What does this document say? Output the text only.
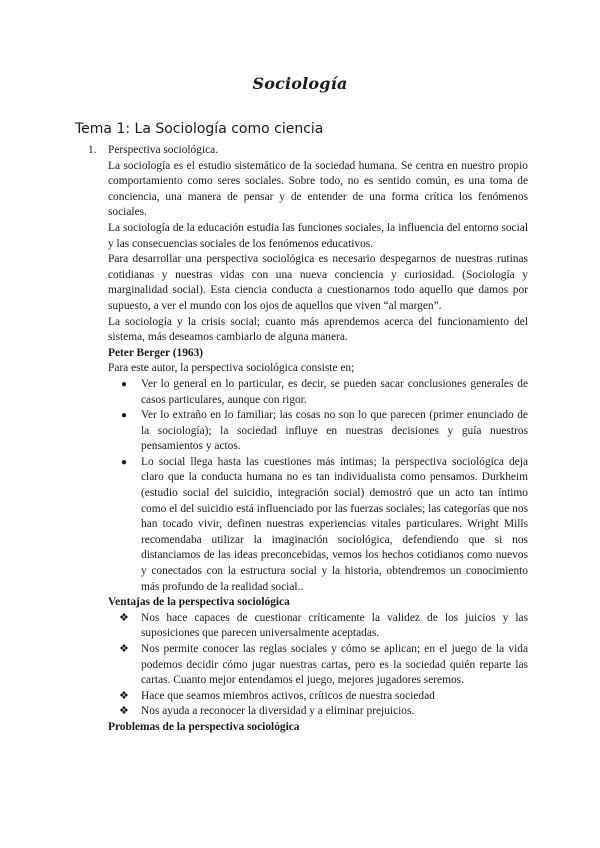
Sociología
Tema 1: La Sociología como ciencia
1. Perspectiva sociológica.
La sociología es el estudio sistemático de la sociedad humana. Se centra en nuestro propio comportamiento como seres sociales. Sobre todo, no es sentido común, es una toma de conciencia, una manera de pensar y de entender de una forma crítica los fenómenos sociales.
La sociología de la educación estudia las funciones sociales, la influencia del entorno social y las consecuencias sociales de los fenómenos educativos.
Para desarrollar una perspectiva sociológica es necesario despegarnos de nuestras rutinas cotidianas y nuestras vidas con una nueva conciencia y curiosidad. (Sociología y marginalidad social). Esta ciencia conducta a cuestionarnos todo aquello que damos por supuesto, a ver el mundo con los ojos de aquellos que viven “al margen”.
La sociología y la crisis social; cuanto más aprendemos acerca del funcionamiento del sistema, más deseamos cambiarlo de alguna manera.
Peter Berger (1963)
Para este autor, la perspectiva sociológica consiste en;
● Ver lo general en lo particular, es decir, se pueden sacar conclusiones generales de casos particulares, aunque con rigor.
● Ver lo extraño en lo familiar; las cosas no son lo que parecen (primer enunciado de la sociología); la sociedad influye en nuestras decisiones y guía nuestros pensamientos y actos.
● Lo social llega hasta las cuestiones más íntimas; la perspectiva sociológica deja claro que la conducta humana no es tan individualista como pensamos. Durkheim (estudio social del suicidio, integración social) demostró que un acto tan íntimo como el del suicidio está influenciado por las fuerzas sociales; las categorías que nos han tocado vivir, definen nuestras experiencias vitales particulares. Wright Mills recomendaba utilizar la imaginación sociológica, defendiendo que si nos distanciamos de las ideas preconcebidas, vemos los hechos cotidianos como nuevos y conectados con la estructura social y la historia, obtendremos un conocimiento más profundo de la realidad social..
Ventajas de la perspectiva sociológica
❖ Nos hace capaces de cuestionar críticamente la validez de los juicios y las suposiciones que parecen universalmente aceptadas.
❖ Nos permite conocer las reglas sociales y cómo se aplican; en el juego de la vida podemos decidir cómo jugar nuestras cartas, pero es la sociedad quién reparte las cartas. Cuanto mejor entendamos el juego, mejores jugadores seremos.
❖ Hace que seamos miembros activos, críticos de nuestra sociedad
❖ Nos ayuda a reconocer la diversidad y a eliminar prejuicios.
Problemas de la perspectiva sociológica
